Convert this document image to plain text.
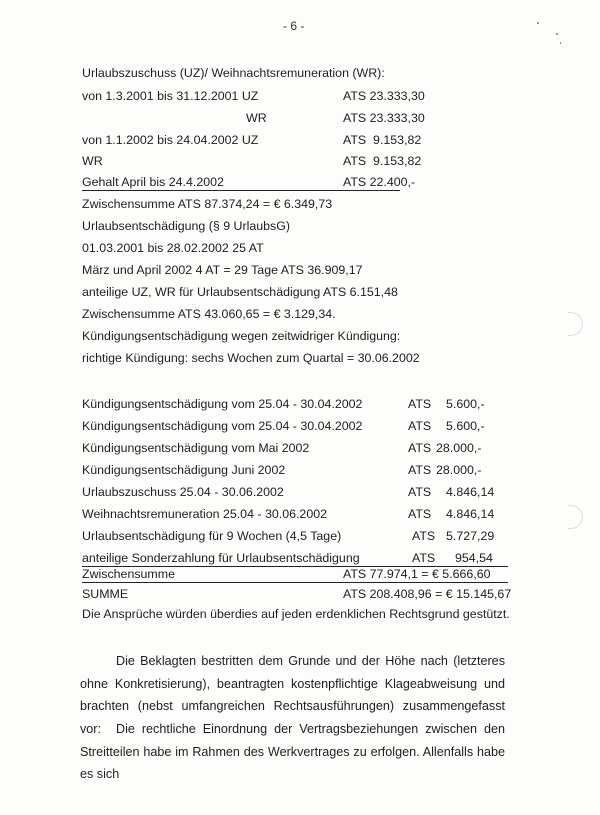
- 6 -
Urlaubszuschuss (UZ)/ Weihnachtsremuneration (WR):
von 1.3.2001 bis 31.12.2001 UZ	ATS 23.333,30
WR	ATS 23.333,30
von 1.1.2002 bis 24.04.2002 UZ	ATS  9.153,82
WR	ATS  9.153,82
Gehalt April bis 24.4.2002	ATS 22.400,-
Zwischensumme ATS 87.374,24 = € 6.349,73
Urlaubsentschädigung (§ 9 UrlaubsG)
01.03.2001 bis 28.02.2002 25 AT
März und April 2002 4 AT = 29 Tage ATS 36.909,17
anteilige UZ, WR für Urlaubsentschädigung ATS 6.151,48
Zwischensumme ATS 43.060,65 = € 3.129,34.
Kündigungsentschädigung wegen zeitwidriger Kündigung:
richtige Kündigung: sechs Wochen zum Quartal = 30.06.2002
Kündigungsentschädigung vom 25.04 - 30.04.2002	ATS 5.600,-
Kündigungsentschädigung vom 25.04 - 30.04.2002	ATS 5.600,-
Kündigungsentschädigung vom Mai 2002	ATS 28.000,-
Kündigungsentschädigung Juni 2002	ATS 28.000,-
Urlaubszuschuss 25.04 - 30.06.2002	ATS 4.846,14
Weihnachtsremuneration 25.04 - 30.06.2002	ATS 4.846,14
Urlaubsentschädigung für 9 Wochen (4,5 Tage)	ATS 5.727,29
anteilige Sonderzahlung für Urlaubsentschädigung	ATS 954,54
Zwischensumme	ATS 77.974,1 = € 5.666,60
SUMME	ATS 208.408,96 = € 15.145,67
Die Ansprüche würden überdies auf jeden erdenklichen Rechtsgrund gestützt.
Die Beklagten bestritten dem Grunde und der Höhe nach (letzteres ohne Konkretisierung), beantragten kostenpflichtige Klageabweisung und brachten (nebst umfangreichen Rechtsausführungen) zusammengefasst vor:	Die rechtliche Einordnung der Vertragsbeziehungen zwischen den Streitteilen habe im Rahmen des Werkvertrages zu erfolgen. Allenfalls habe es sich
